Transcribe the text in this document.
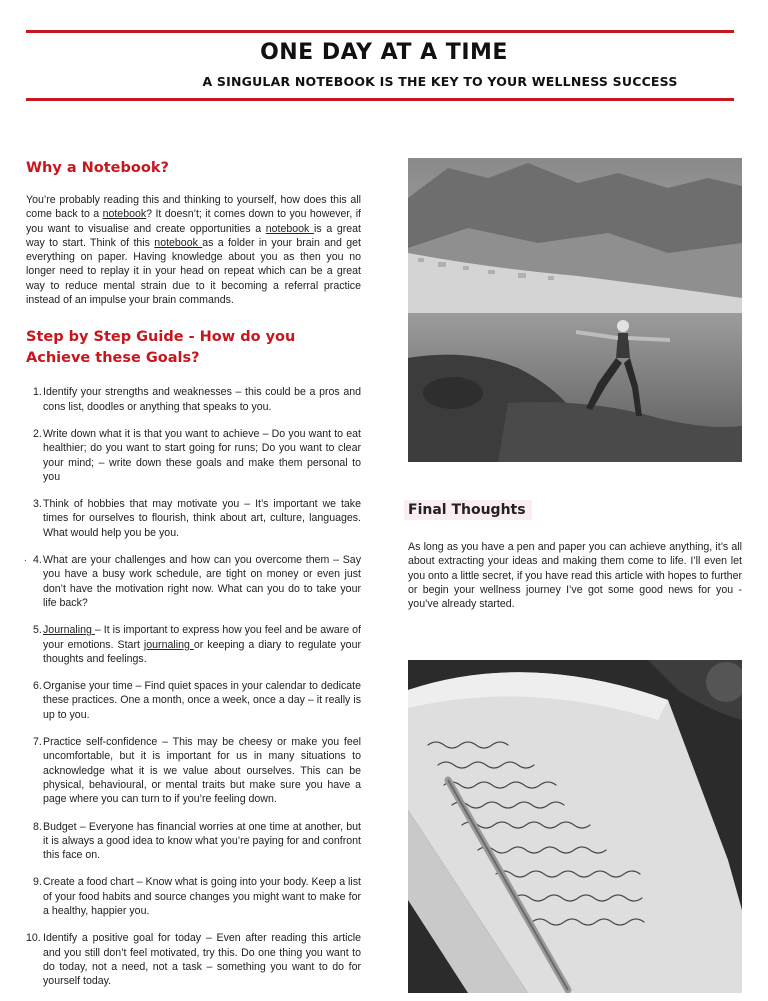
ONE DAY AT A TIME
A SINGULAR NOTEBOOK IS THE KEY TO YOUR WELLNESS SUCCESS
Why a Notebook?

You’re probably reading this and thinking to yourself, how does this all come back to a notebook? It doesn’t; it comes down to you however, if you want to visualise and create opportunities a notebook is a great way to start. Think of this notebook as a folder in your brain and get everything on paper. Having knowledge about you as then you no longer need to replay it in your head on repeat which can be a great way to reduce mental strain due to it becoming a referral practice instead of an impulse your brain commands.

Step by Step Guide - How do you Achieve these Goals?
1. Identify your strengths and weaknesses – this could be a pros and cons list, doodles or anything that speaks to you.
2. Write down what it is that you want to achieve – Do you want to eat healthier; do you want to start going for runs; Do you want to clear your mind; – write down these goals and make them personal to you
3. Think of hobbies that may motivate you – It’s important we take times for ourselves to flourish, think about art, culture, languages. What would help you be you.
4. What are your challenges and how can you overcome them – Say you have a busy work schedule, are tight on money or even just don’t have the motivation right now. What can you do to take your life back?
5. Journaling – It is important to express how you feel and be aware of your emotions. Start journaling or keeping a diary to regulate your thoughts and feelings.
6. Organise your time – Find quiet spaces in your calendar to dedicate these practices. One a month, once a week, once a day – it really is up to you.
7. Practice self-confidence – This may be cheesy or make you feel uncomfortable, but it is important for us in many situations to acknowledge what it is we value about ourselves. This can be physical, behavioural, or mental traits but make sure you have a page where you can turn to if you’re feeling down.
8. Budget – Everyone has financial worries at one time at another, but it is always a good idea to know what you’re paying for and confront this face on.
9. Create a food chart – Know what is going into your body. Keep a list of your food habits and source changes you might want to make for a healthy, happier you.
10. Identify a positive goal for today – Even after reading this article and you still don’t feel motivated, try this. Do one thing you want to do today, not a need, not a task – something you want to do for yourself today.
.
Final Thoughts
As long as you have a pen and paper you can achieve anything, it’s all about extracting your ideas and making them come to life. I’ll even let you onto a little secret, if you have read this article with hopes to further or begin your wellness journey I’ve got some good news for you - you’ve already started.
